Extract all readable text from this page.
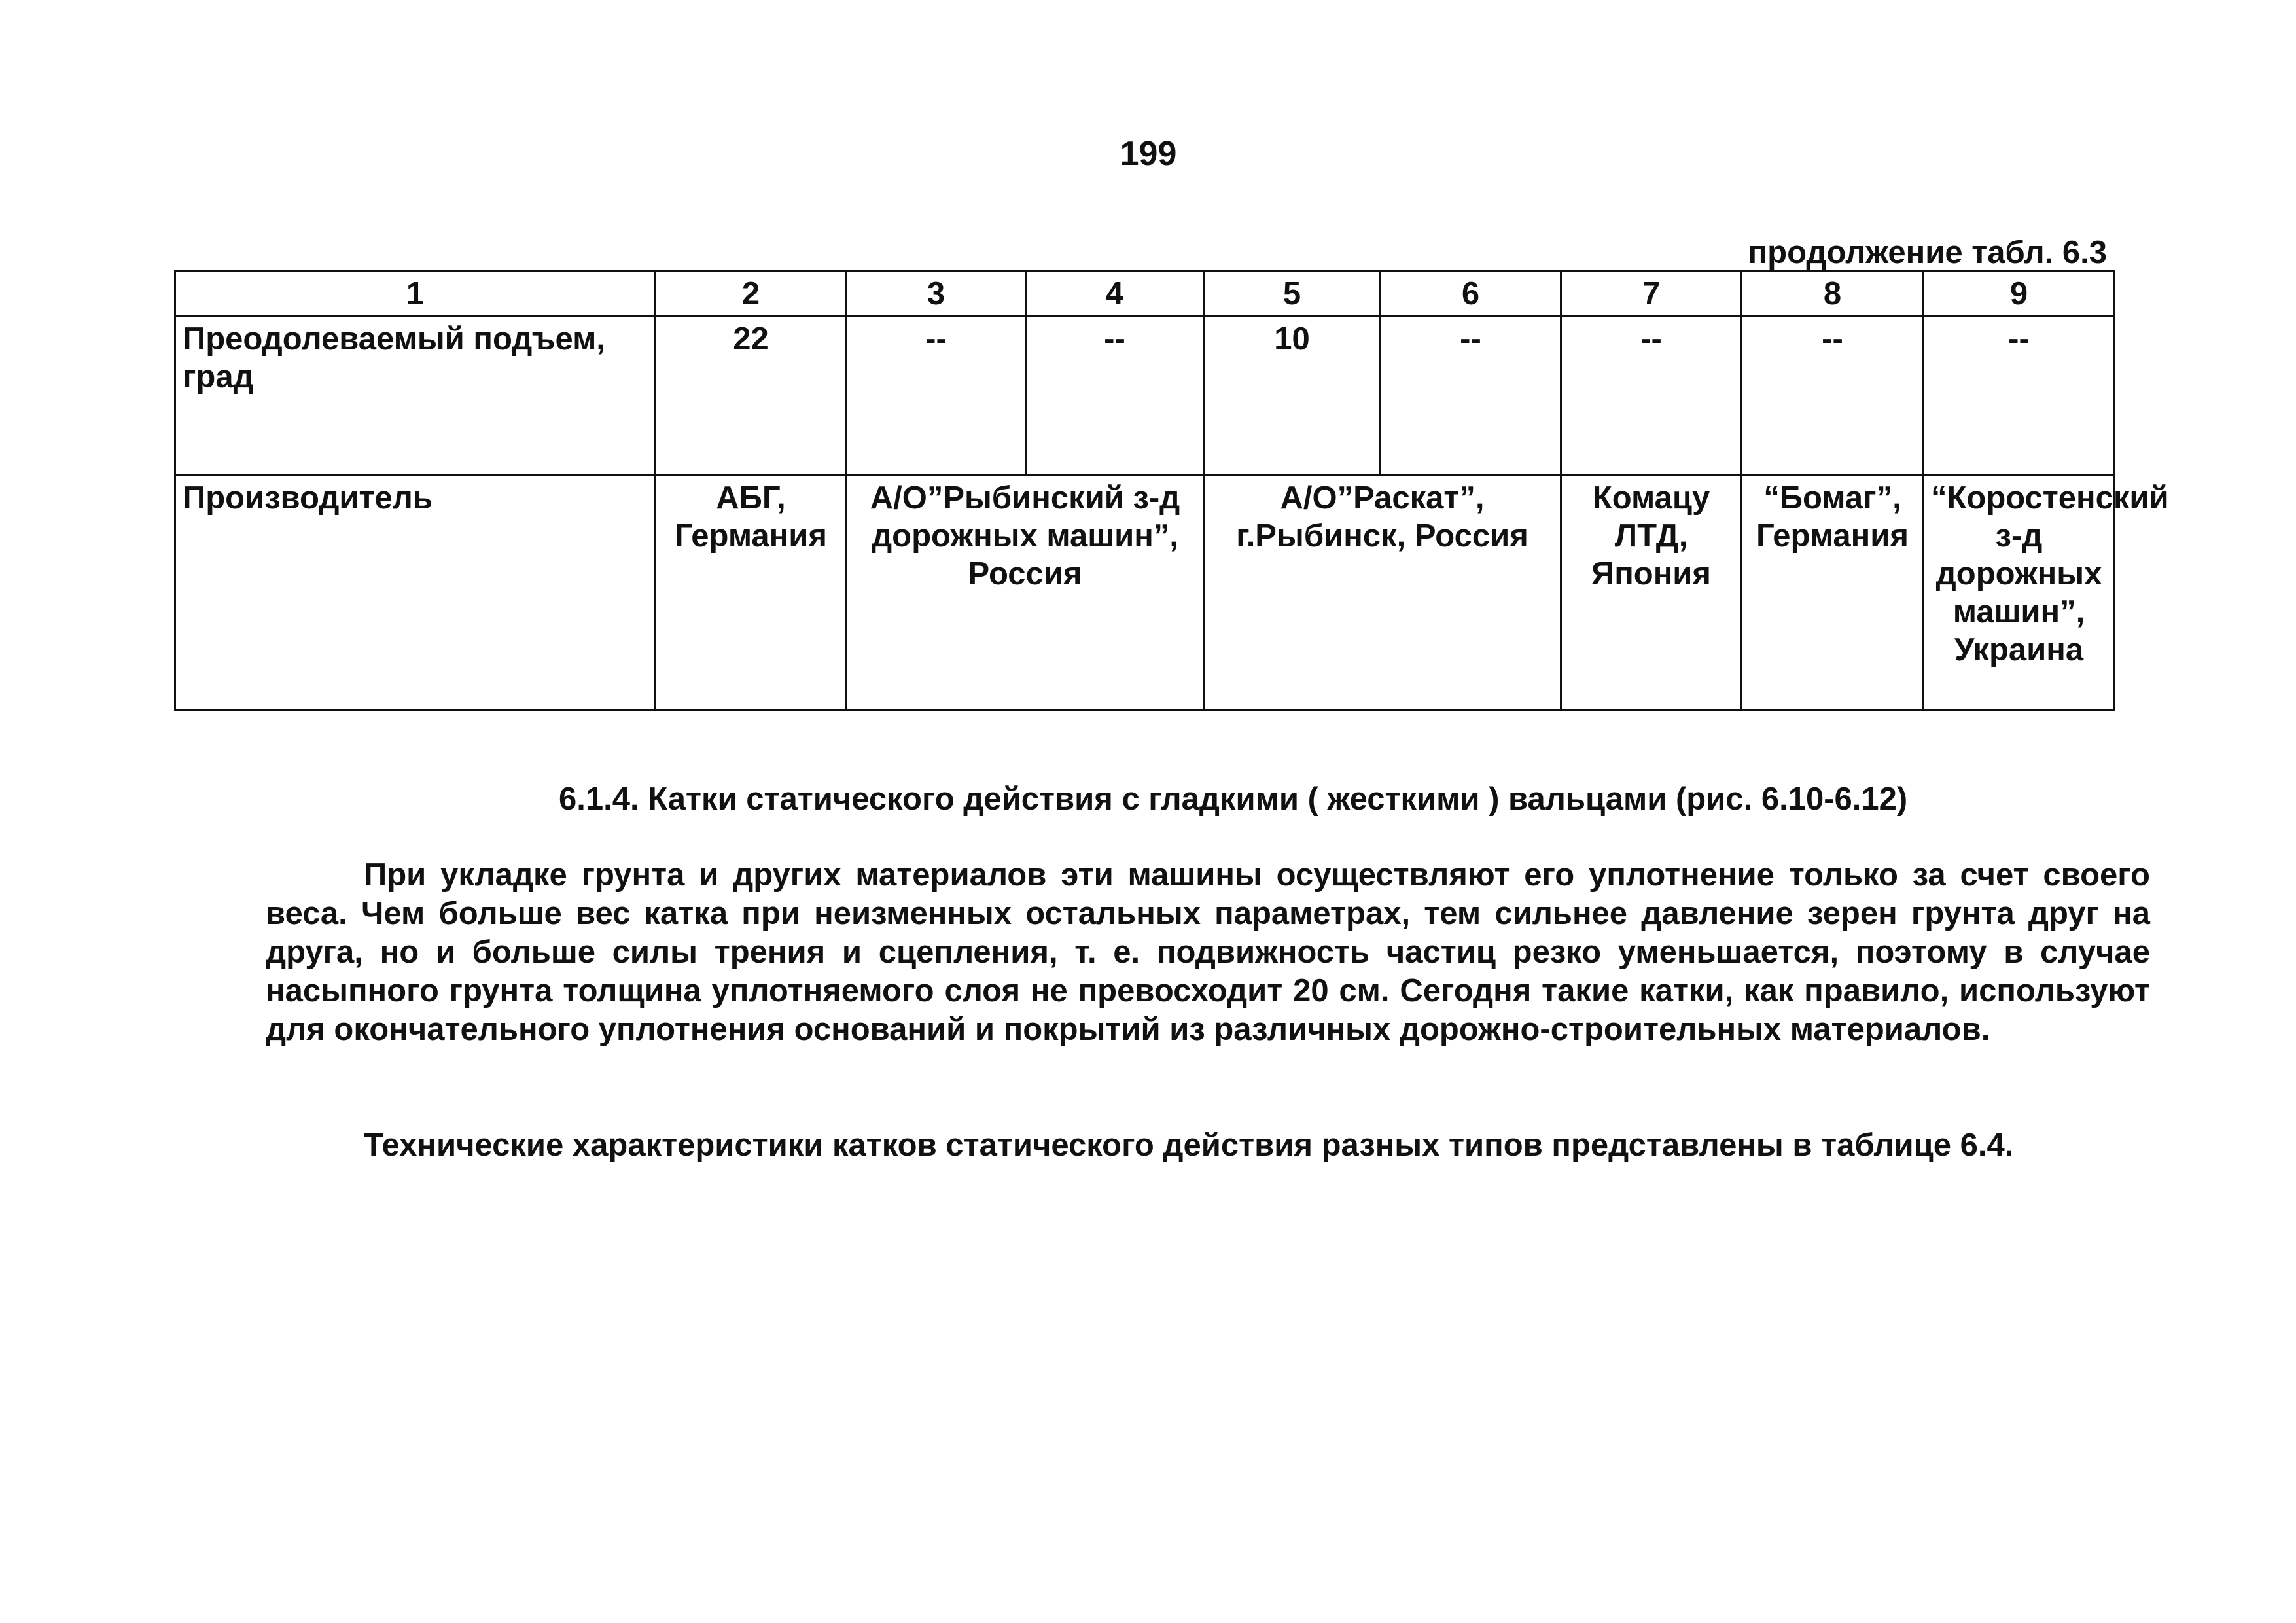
199
продолжение табл. 6.3
1	2	3	4	5	6	7	8	9
Преодолеваемый подъем, град	22	--	--	10	--	--	--	--
Производитель	АБГ, Германия	А/О”Рыбинский з-д дорожных машин”, Россия		А/О”Раскат”, г.Рыбинск, Россия		Комацу ЛТД, Япония	“Бомаг”, Германия	“Коростенский з-д дорожных машин”, Украина
6.1.4. Катки статического действия с гладкими ( жесткими ) вальцами (рис. 6.10-6.12)

При укладке грунта и других материалов эти машины осуществляют его уплотнение только за счет своего веса. Чем больше вес катка при неизменных остальных параметрах, тем сильнее давление зерен грунта друг на друга, но и больше силы трения и сцепления, т. е. подвижность частиц резко уменьшается, поэтому в случае насыпного грунта толщина уплотняемого слоя не превосходит 20 см. Сегодня такие катки, как правило, используют для окончательного уплотнения оснований и покрытий из различных дорожно-строительных материалов.

Технические характеристики катков статического действия разных типов представлены в таблице 6.4.
